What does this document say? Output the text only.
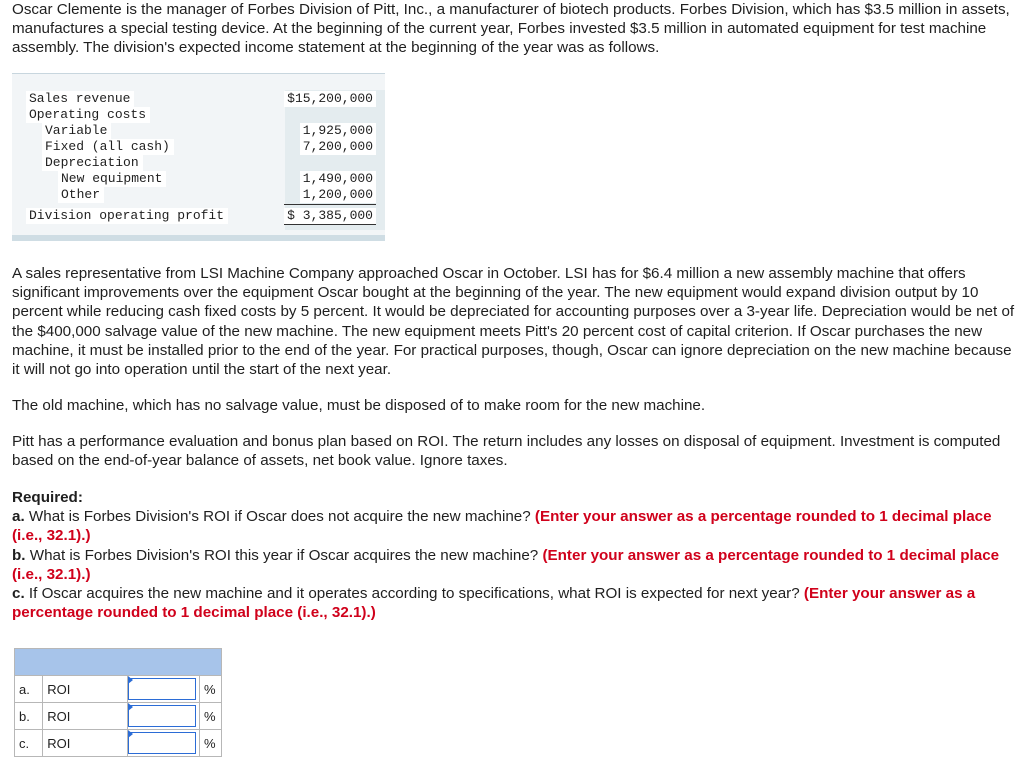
Oscar Clemente is the manager of Forbes Division of Pitt, Inc., a manufacturer of biotech products. Forbes Division, which has $3.5 million in assets, manufactures a special testing device. At the beginning of the current year, Forbes invested $3.5 million in automated equipment for test machine assembly. The division's expected income statement at the beginning of the year was as follows.

Sales revenue	$15,200,000
Operating costs
Variable	1,925,000
Fixed (all cash)	7,200,000
Depreciation
New equipment	1,490,000
Other	1,200,000
Division operating profit	$ 3,385,000

A sales representative from LSI Machine Company approached Oscar in October. LSI has for $6.4 million a new assembly machine that offers significant improvements over the equipment Oscar bought at the beginning of the year. The new equipment would expand division output by 10 percent while reducing cash fixed costs by 5 percent. It would be depreciated for accounting purposes over a 3-year life. Depreciation would be net of the $400,000 salvage value of the new machine. The new equipment meets Pitt's 20 percent cost of capital criterion. If Oscar purchases the new machine, it must be installed prior to the end of the year. For practical purposes, though, Oscar can ignore depreciation on the new machine because it will not go into operation until the start of the next year.

The old machine, which has no salvage value, must be disposed of to make room for the new machine.

Pitt has a performance evaluation and bonus plan based on ROI. The return includes any losses on disposal of equipment. Investment is computed based on the end-of-year balance of assets, net book value. Ignore taxes.

Required:
a. What is Forbes Division's ROI if Oscar does not acquire the new machine? (Enter your answer as a percentage rounded to 1 decimal place (i.e., 32.1).)
b. What is Forbes Division's ROI this year if Oscar acquires the new machine? (Enter your answer as a percentage rounded to 1 decimal place (i.e., 32.1).)
c. If Oscar acquires the new machine and it operates according to specifications, what ROI is expected for next year? (Enter your answer as a percentage rounded to 1 decimal place (i.e., 32.1).)

a.	ROI		%
b.	ROI		%
c.	ROI		%
